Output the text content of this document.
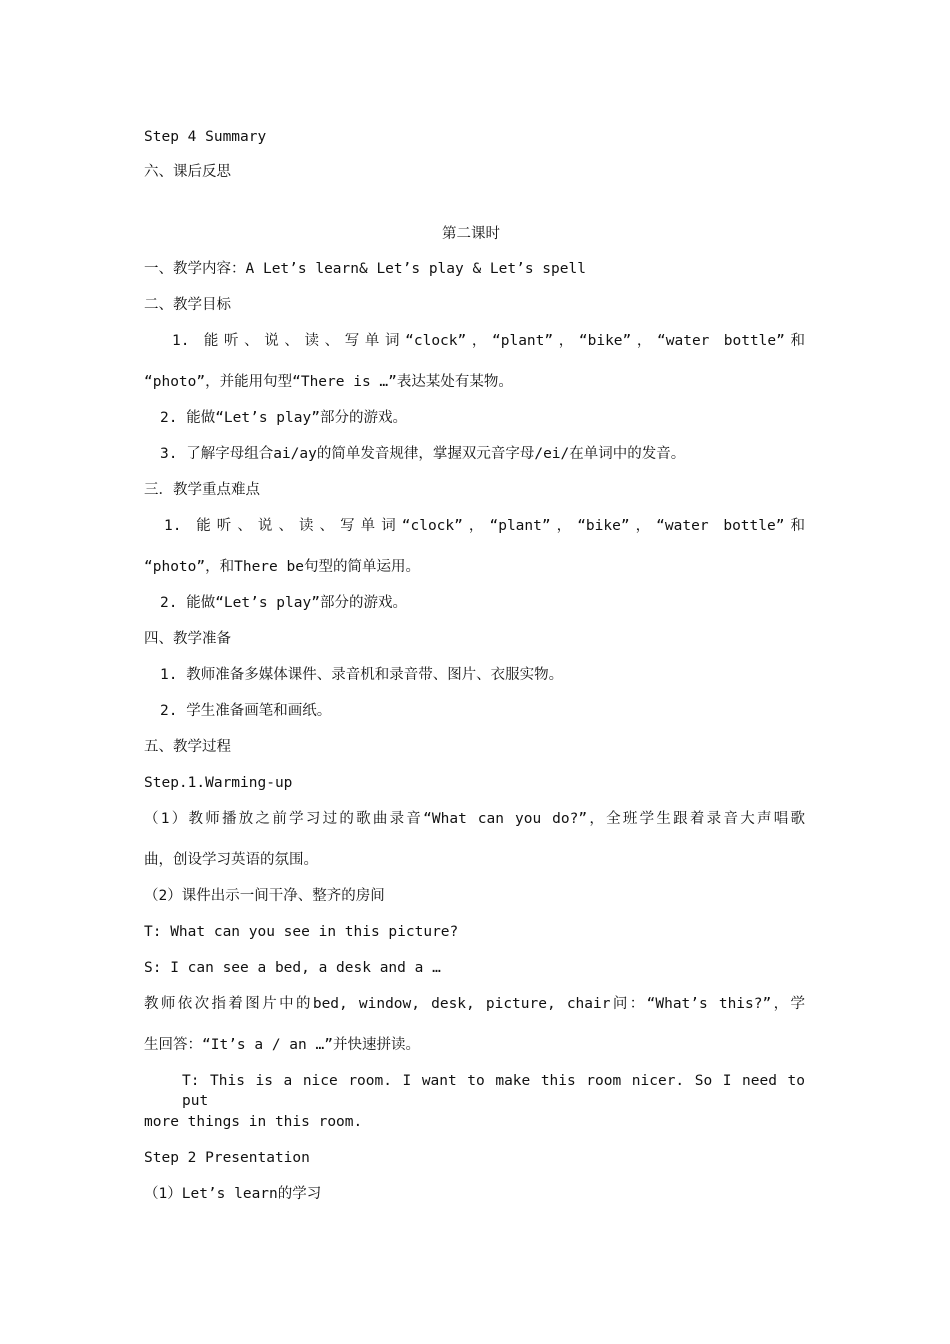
Step 4 Summary
六、课后反思
第二课时
一、教学内容：A Let’s learn& Let’s play & Let’s spell
二、教学目标
1. 能听、说、读、写单词“clock”，“plant”，“bike”，“water bottle”和
“photo”，并能用句型“There is …”表达某处有某物。
2. 能做“Let’s play”部分的游戏。
3. 了解字母组合ai/ay的简单发音规律，掌握双元音字母/ei/在单词中的发音。
三．教学重点难点
1. 能听、说、读、写单词“clock”，“plant”，“bike”，“water bottle”和
“photo”，和There be句型的简单运用。
2. 能做“Let’s play”部分的游戏。
四、教学准备
1. 教师准备多媒体课件、录音机和录音带、图片、衣服实物。
2. 学生准备画笔和画纸。
五、教学过程
Step.1.Warming-up
（1）教师播放之前学习过的歌曲录音“What can you do?”，全班学生跟着录音大声唱歌
曲，创设学习英语的氛围。
（2）课件出示一间干净、整齐的房间
T: What can you see in this picture?
S: I can see a bed, a desk and a …
教师依次指着图片中的bed, window, desk, picture, chair问：“What’s this?”，学
生回答：“It’s a / an …”并快速拼读。
T: This is a nice room. I want to make this room nicer. So I need to put
more things in this room.
Step 2 Presentation
（1）Let’s learn的学习
